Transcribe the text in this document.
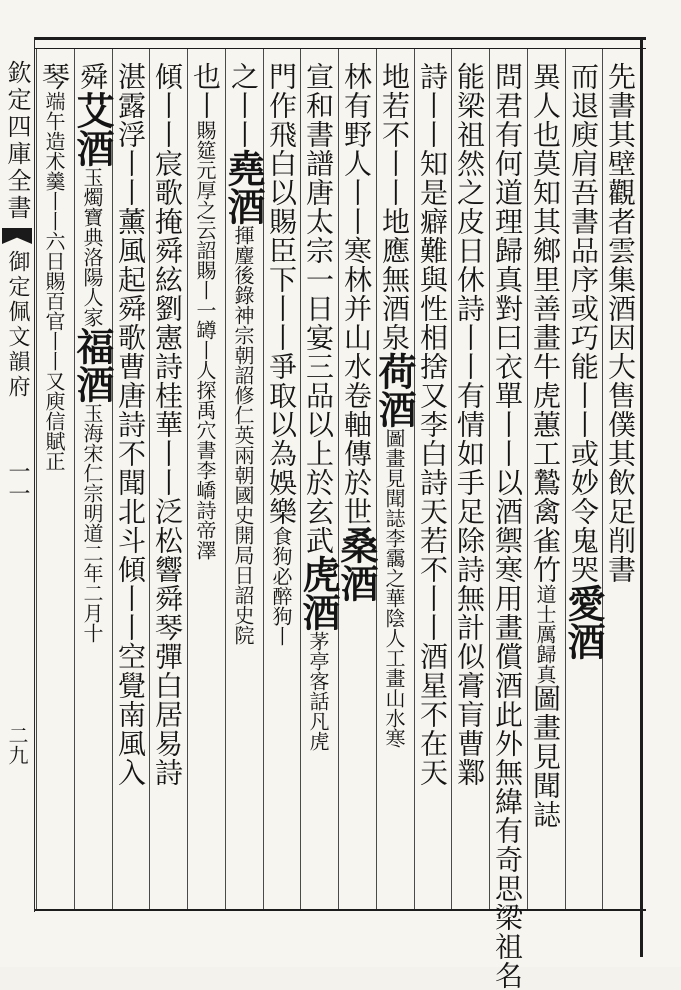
欽定四庫全書
御定佩文韻府
一一
二九
先書其壁觀者雲集酒因大售僕其飲足削書
而退庾肩吾書品序或巧能丨丨或妙令鬼哭愛酒
異人也莫知其鄉里善畫牛虎蕙工鷙禽雀竹道士厲歸真圖畫見聞誌
問君有何道理歸真對曰衣單丨丨以酒禦寒用畫償酒此外無緯有奇思梁祖名
能梁祖然之皮日休詩丨丨有情如手足除詩無計似膏肓曹鄴
詩丨丨知是癖難與性相捨又李白詩天若不丨丨酒星不在天
地若不丨丨地應無酒泉荷酒圖畫見聞誌李靄之華陰人工畫山水寒
林有野人丨丨寒林并山水卷軸傳於世桑酒
宣和書譜唐太宗一日宴三品以上於玄武虎酒茅亭客話凡虎
門作飛白以賜臣下丨丨爭取以為娛樂食狗必醉狗丨
之丨丨堯酒揮麈後錄神宗朝詔修仁英兩朝國史開局日詔史院
也丨賜筵元厚之云詔賜丨一罇丨人探禹穴書李嶠詩帝澤
傾丨丨宸歌掩舜絃劉憲詩桂華丨丨泛松響舜琴彈白居易詩
湛露浮丨丨薰風起舜歌曹唐詩不聞北斗傾丨丨空覺南風入
舜艾酒玉燭寶典洛陽人家福酒玉海宋仁宗明道二年二月十
琴端午造术羹丨丨六日賜百官丨丨又庾信賦正
